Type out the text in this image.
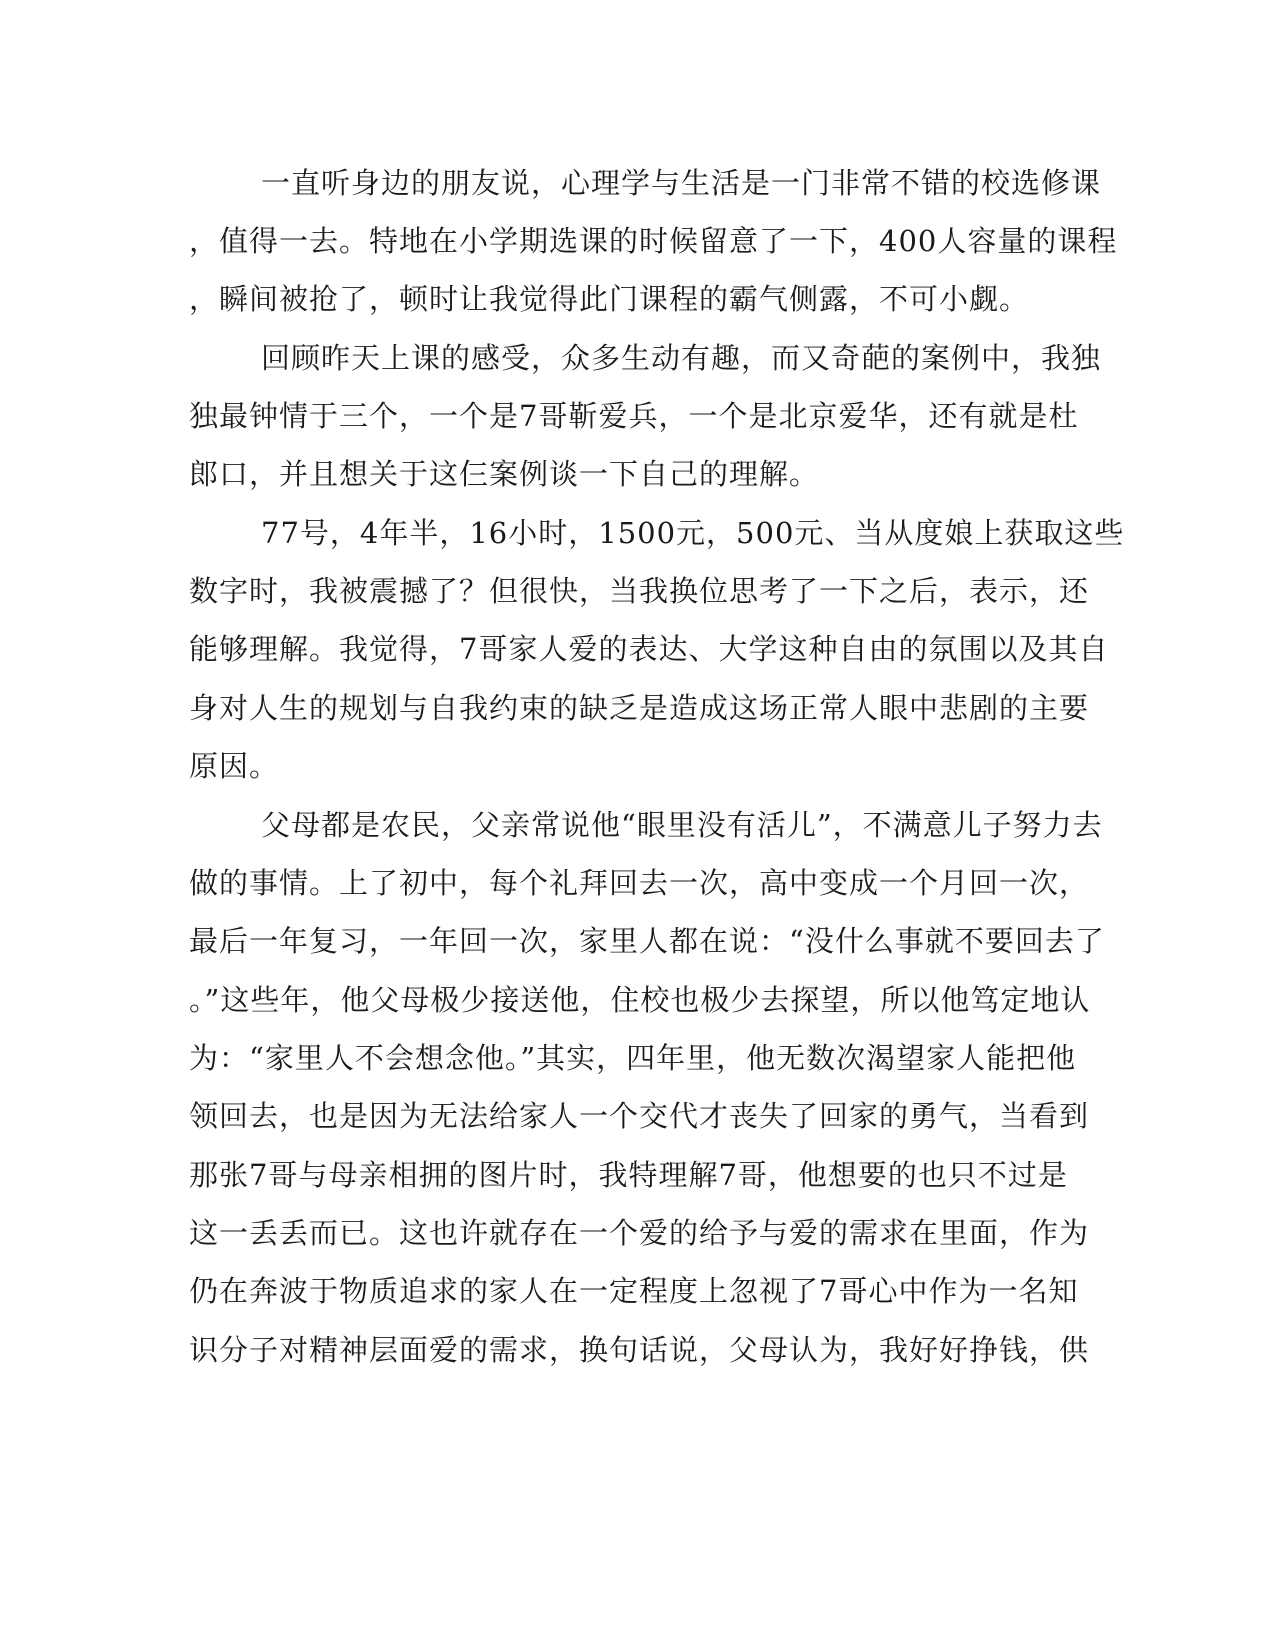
一直听身边的朋友说，心理学与生活是一门非常不错的校选修课
，值得一去。特地在小学期选课的时候留意了一下，400人容量的课程
，瞬间被抢了，顿时让我觉得此门课程的霸气侧露，不可小觑。
回顾昨天上课的感受，众多生动有趣，而又奇葩的案例中，我独
独最钟情于三个，一个是7哥靳爱兵，一个是北京爱华，还有就是杜
郎口，并且想关于这仨案例谈一下自己的理解。
77号，4年半，16小时，1500元，500元、当从度娘上获取这些
数字时，我被震撼了？但很快，当我换位思考了一下之后，表示，还
能够理解。我觉得，7哥家人爱的表达、大学这种自由的氛围以及其自
身对人生的规划与自我约束的缺乏是造成这场正常人眼中悲剧的主要
原因。
父母都是农民，父亲常说他“眼里没有活儿”，不满意儿子努力去
做的事情。上了初中，每个礼拜回去一次，高中变成一个月回一次，
最后一年复习，一年回一次，家里人都在说：“没什么事就不要回去了
。”这些年，他父母极少接送他，住校也极少去探望，所以他笃定地认
为：“家里人不会想念他。”其实，四年里，他无数次渴望家人能把他
领回去，也是因为无法给家人一个交代才丧失了回家的勇气，当看到
那张7哥与母亲相拥的图片时，我特理解7哥，他想要的也只不过是
这一丢丢而已。这也许就存在一个爱的给予与爱的需求在里面，作为
仍在奔波于物质追求的家人在一定程度上忽视了7哥心中作为一名知
识分子对精神层面爱的需求，换句话说，父母认为，我好好挣钱，供
